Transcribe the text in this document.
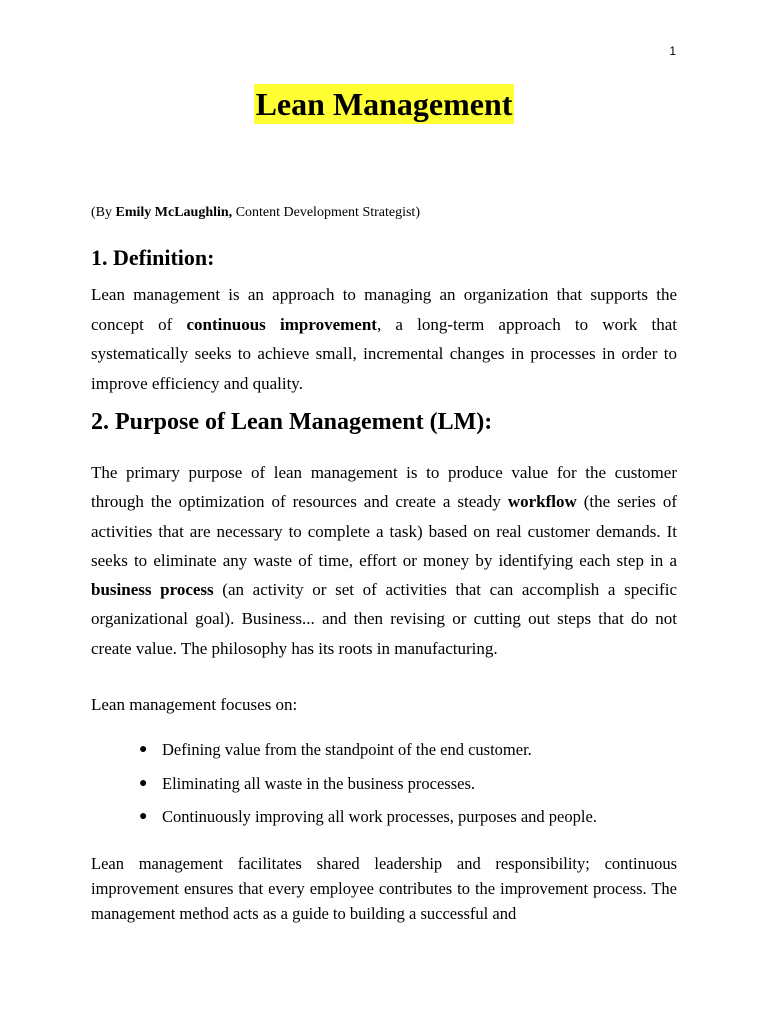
1
Lean Management
(By Emily McLaughlin, Content Development Strategist)
1. Definition:

Lean management is an approach to managing an organization that supports the concept of continuous improvement, a long-term approach to work that systematically seeks to achieve small, incremental changes in processes in order to improve efficiency and quality.

2. Purpose of Lean Management (LM):

The primary purpose of lean management is to produce value for the customer through the optimization of resources and create a steady workflow (the series of activities that are necessary to complete a task) based on real customer demands. It seeks to eliminate any waste of time, effort or money by identifying each step in a business process (an activity or set of activities that can accomplish a specific organizational goal). Business... and then revising or cutting out steps that do not create value. The philosophy has its roots in manufacturing.

Lean management focuses on:

● Defining value from the standpoint of the end customer.
● Eliminating all waste in the business processes.
● Continuously improving all work processes, purposes and people.

Lean management facilitates shared leadership and responsibility; continuous improvement ensures that every employee contributes to the improvement process. The management method acts as a guide to building a successful and
